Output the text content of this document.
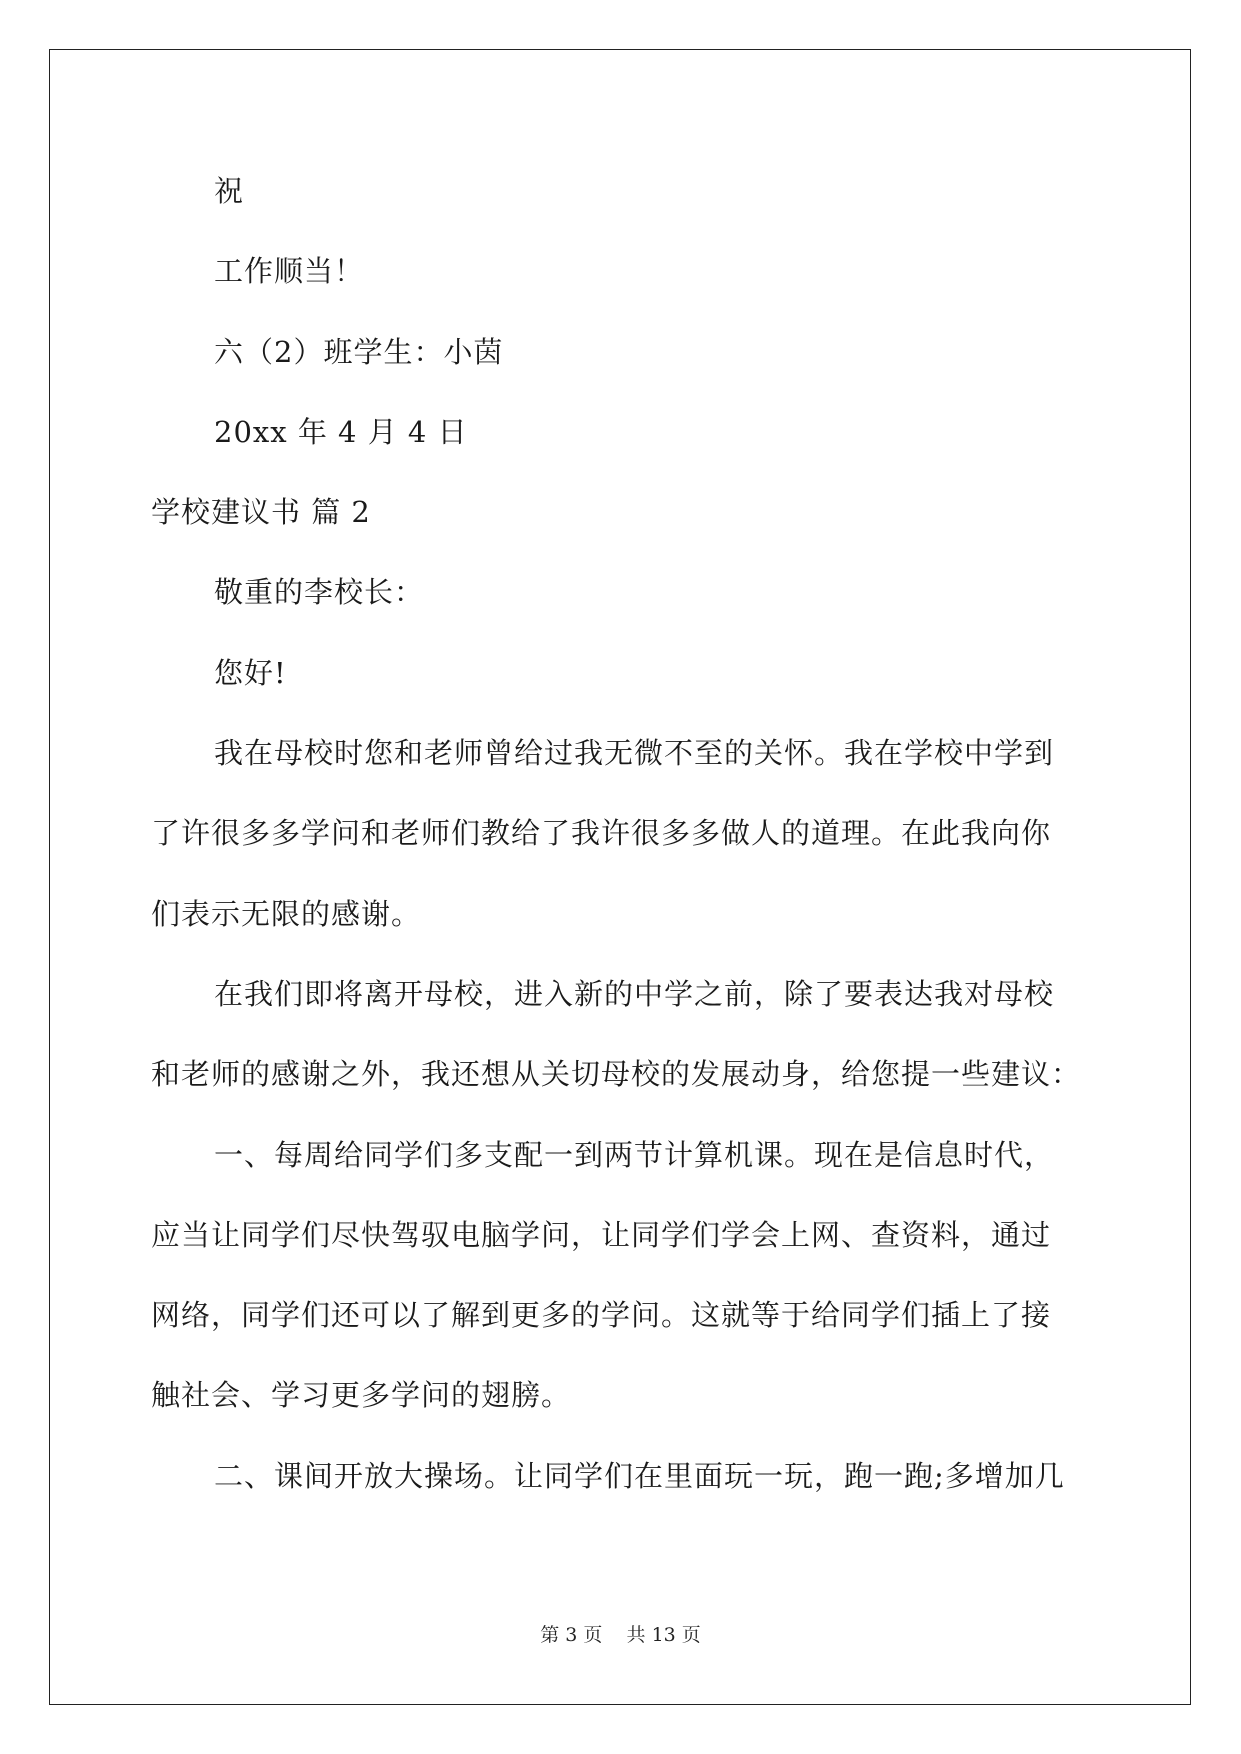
祝
工作顺当！
六（2）班学生：小茵
20xx 年 4 月 4 日
学校建议书 篇 2
敬重的李校长：
您好!
我在母校时您和老师曾给过我无微不至的关怀。我在学校中学到
了许很多多学问和老师们教给了我许很多多做人的道理。在此我向你
们表示无限的感谢。
在我们即将离开母校，进入新的中学之前，除了要表达我对母校
和老师的感谢之外，我还想从关切母校的发展动身，给您提一些建议：
一、每周给同学们多支配一到两节计算机课。现在是信息时代，
应当让同学们尽快驾驭电脑学问，让同学们学会上网、查资料，通过
网络，同学们还可以了解到更多的学问。这就等于给同学们插上了接
触社会、学习更多学问的翅膀。
二、课间开放大操场。让同学们在里面玩一玩，跑一跑;多增加几
第 3 页 共 13 页
